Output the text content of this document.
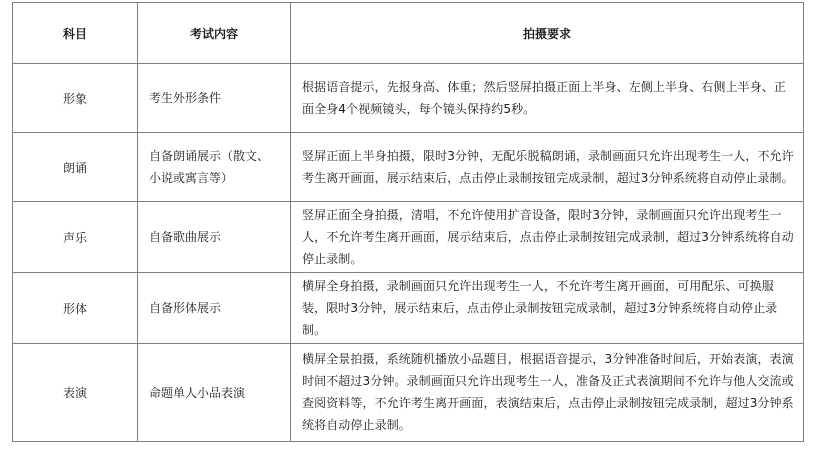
科目	考试内容	拍摄要求
形象	考生外形条件	根据语音提示，先报身高、体重；然后竖屏拍摄正面上半身、左侧上半身、右侧上半身、正面全身4个视频镜头，每个镜头保持约5秒。
朗诵	自备朗诵展示（散文、小说或寓言等）	竖屏正面上半身拍摄，限时3分钟，无配乐脱稿朗诵，录制画面只允许出现考生一人，不允许考生离开画面，展示结束后，点击停止录制按钮完成录制，超过3分钟系统将自动停止录制。
声乐	自备歌曲展示	竖屏正面全身拍摄，清唱，不允许使用扩音设备，限时3分钟，录制画面只允许出现考生一人，不允许考生离开画面，展示结束后，点击停止录制按钮完成录制，超过3分钟系统将自动停止录制。
形体	自备形体展示	横屏全身拍摄，录制画面只允许出现考生一人，不允许考生离开画面，可用配乐、可换服装，限时3分钟，展示结束后，点击停止录制按钮完成录制，超过3分钟系统将自动停止录制。
表演	命题单人小品表演	横屏全景拍摄，系统随机播放小品题目，根据语音提示，3分钟准备时间后，开始表演，表演时间不超过3分钟。录制画面只允许出现考生一人，准备及正式表演期间不允许与他人交流或查阅资料等，不允许考生离开画面，表演结束后，点击停止录制按钮完成录制，超过3分钟系统将自动停止录制。
